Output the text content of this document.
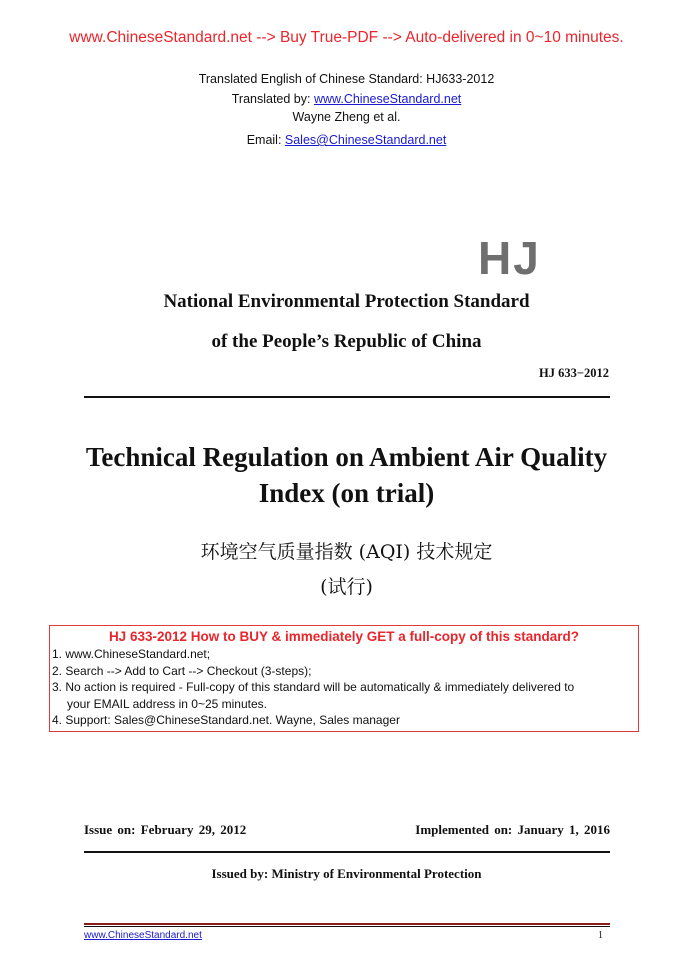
www.ChineseStandard.net --> Buy True-PDF --> Auto-delivered in 0~10 minutes.
Translated English of Chinese Standard: HJ633-2012
Translated by: www.ChineseStandard.net
Wayne Zheng et al.
Email: Sales@ChineseStandard.net
HJ
National Environmental Protection Standard
of the People’s Republic of China
HJ 633−2012
Technical Regulation on Ambient Air Quality
Index (on trial)
环境空气质量指数 (AQI) 技术规定
(试行)
HJ 633-2012 How to BUY & immediately GET a full-copy of this standard?
1. www.ChineseStandard.net;
2. Search --> Add to Cart --> Checkout (3-steps);
3. No action is required - Full-copy of this standard will be automatically & immediately delivered to
your EMAIL address in 0~25 minutes.
4. Support: Sales@ChineseStandard.net. Wayne, Sales manager
Issue on: February 29, 2012	Implemented on: January 1, 2016
Issued by: Ministry of Environmental Protection
www.ChineseStandard.net	1
